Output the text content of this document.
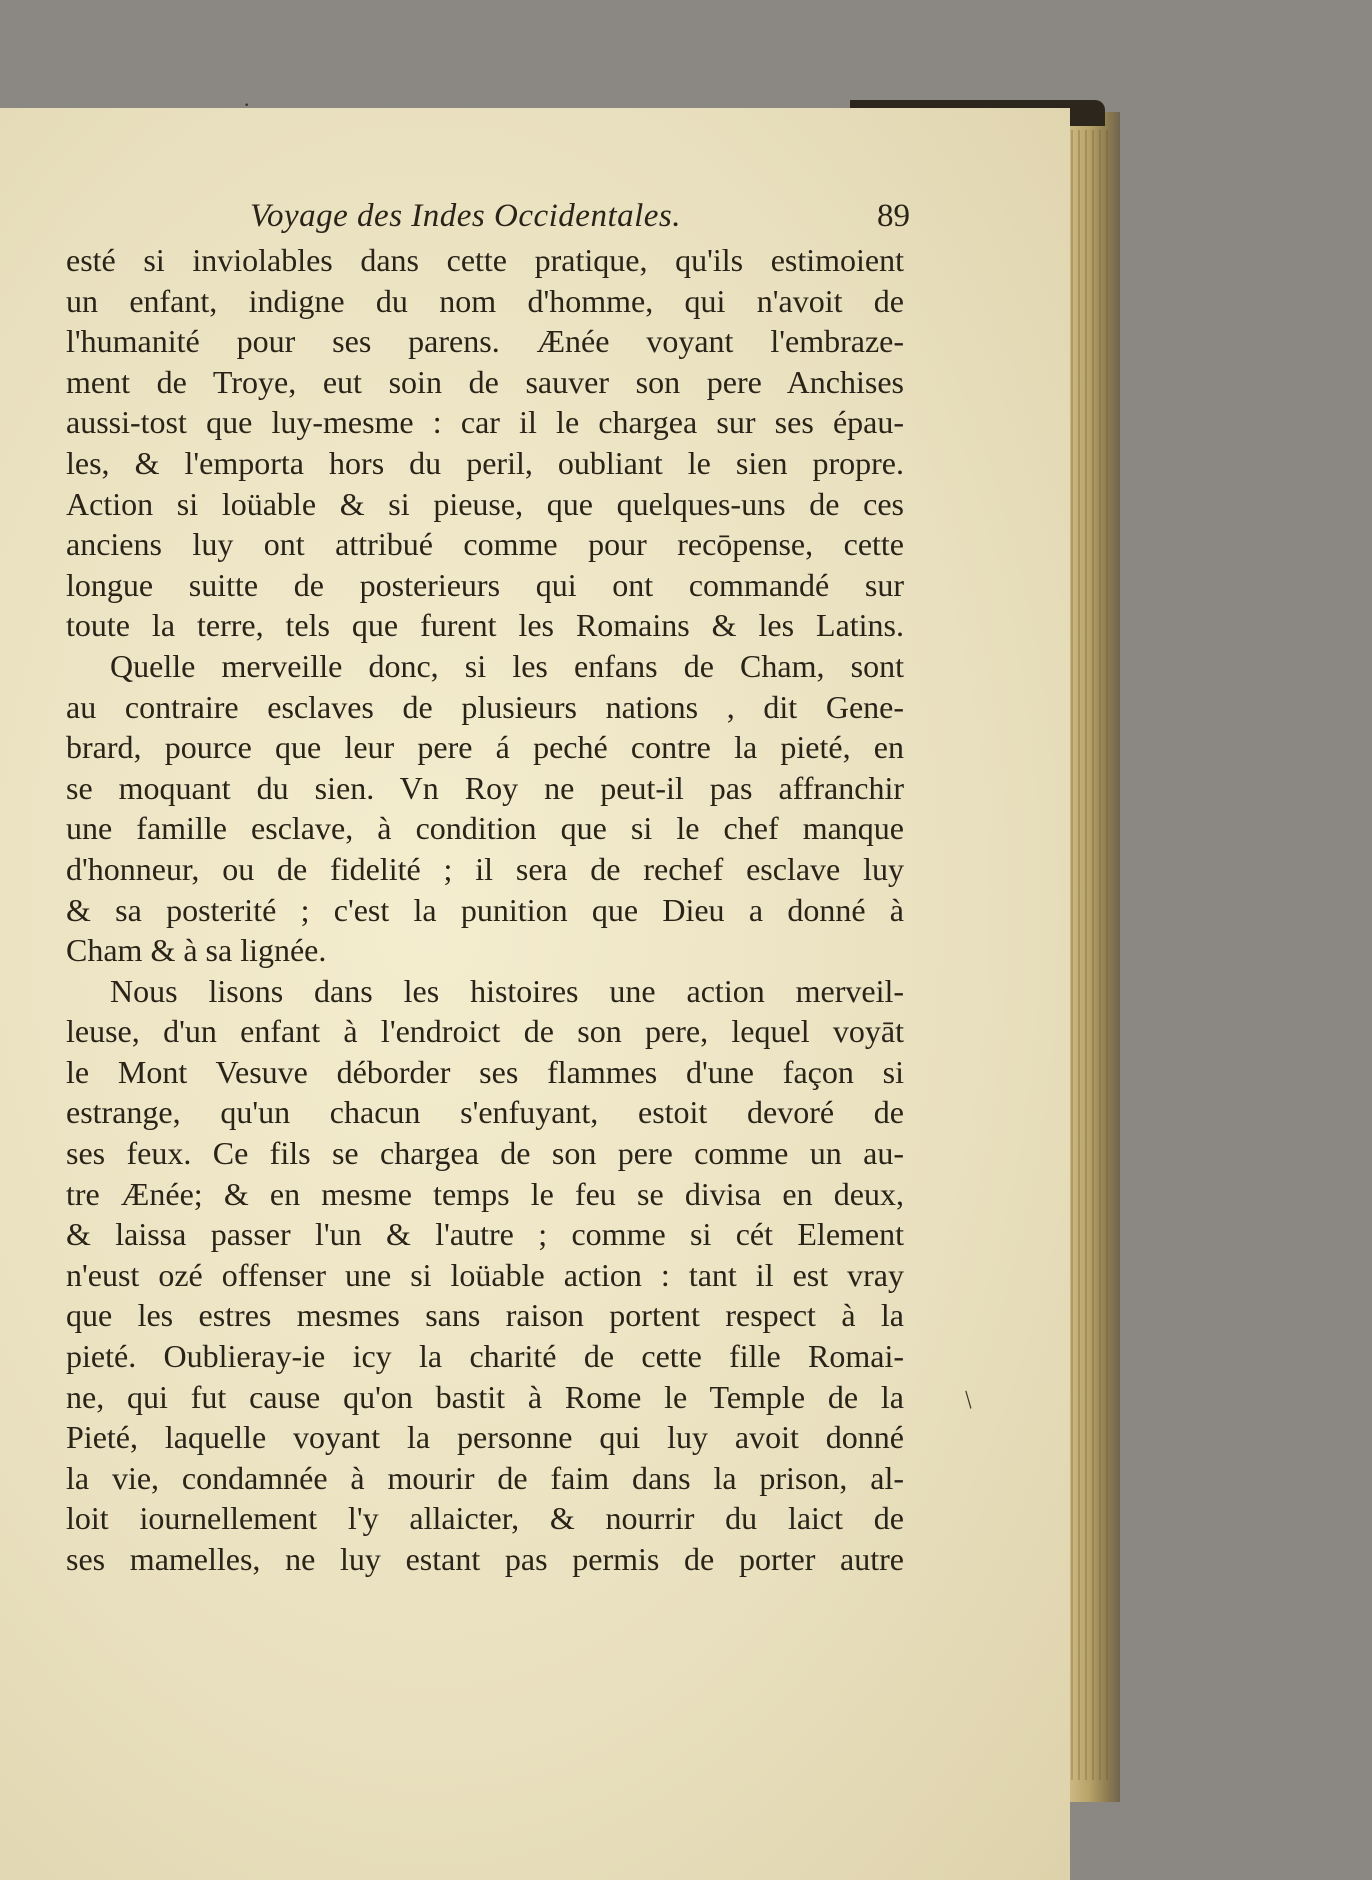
·
Voyage des Indes Occidentales.	89
esté si inviolables dans cette pratique, qu'ils estimoient
un enfant, indigne du nom d'homme, qui n'avoit de
l'humanité pour ses parens. Ænée voyant l'embraze-
ment de Troye, eut soin de sauver son pere Anchises
aussi-tost que luy-mesme : car il le chargea sur ses épau-
les, & l'emporta hors du peril, oubliant le sien propre.
Action si loüable & si pieuse, que quelques-uns de ces
anciens luy ont attribué comme pour recōpense, cette
longue suitte de posterieurs qui ont commandé sur
toute la terre, tels que furent les Romains & les Latins.
Quelle merveille donc, si les enfans de Cham, sont
au contraire esclaves de plusieurs nations , dit Gene-
brard, pource que leur pere á peché contre la pieté, en
se moquant du sien. Vn Roy ne peut-il pas affranchir
une famille esclave, à condition que si le chef manque
d'honneur, ou de fidelité ; il sera de rechef esclave luy
& sa posterité ; c'est la punition que Dieu a donné à
Cham & à sa lignée.
Nous lisons dans les histoires une action merveil-
leuse, d'un enfant à l'endroict de son pere, lequel voyāt
le Mont Vesuve déborder ses flammes d'une façon si
estrange, qu'un chacun s'enfuyant, estoit devoré de
ses feux. Ce fils se chargea de son pere comme un au-
tre Ænée; & en mesme temps le feu se divisa en deux,
& laissa passer l'un & l'autre ; comme si cét Element
n'eust ozé offenser une si loüable action : tant il est vray
que les estres mesmes sans raison portent respect à la
pieté. Oublieray-ie icy la charité de cette fille Romai-
ne, qui fut cause qu'on bastit à Rome le Temple de la
Pieté, laquelle voyant la personne qui luy avoit donné
la vie, condamnée à mourir de faim dans la prison, al-
loit iournellement l'y allaicter, & nourrir du laict de
ses mamelles, ne luy estant pas permis de porter autre
/
